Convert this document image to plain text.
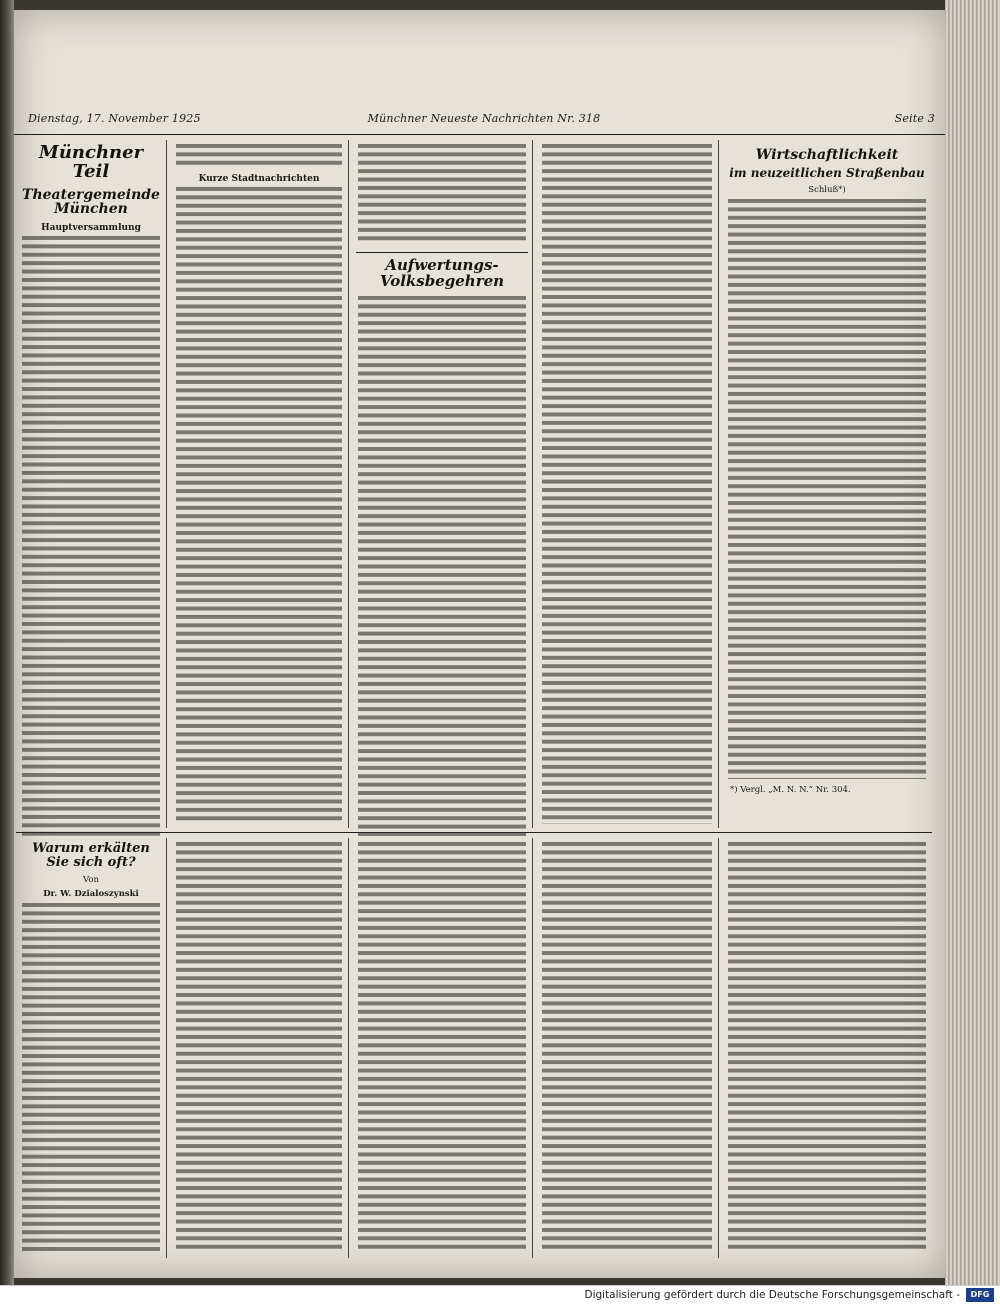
Dienstag, 17. November 1925	Münchner Neueste Nachrichten Nr. 318	Seite 3
Münchner Teil
Theatergemeinde München
Hauptversammlung
Kurze Stadtnachrichten
Aufwertungs-Volksbegehren
Wirtschaftlichkeit
im neuzeitlichen Straßenbau
Schluß*)
*) Vergl. „M. N. N.“ Nr. 304.
Warum erkälten Sie sich oft?
Von
Dr. W. Dzialoszynski
Digitalisierung gefördert durch die Deutsche Forschungsgemeinschaft -	DFG
